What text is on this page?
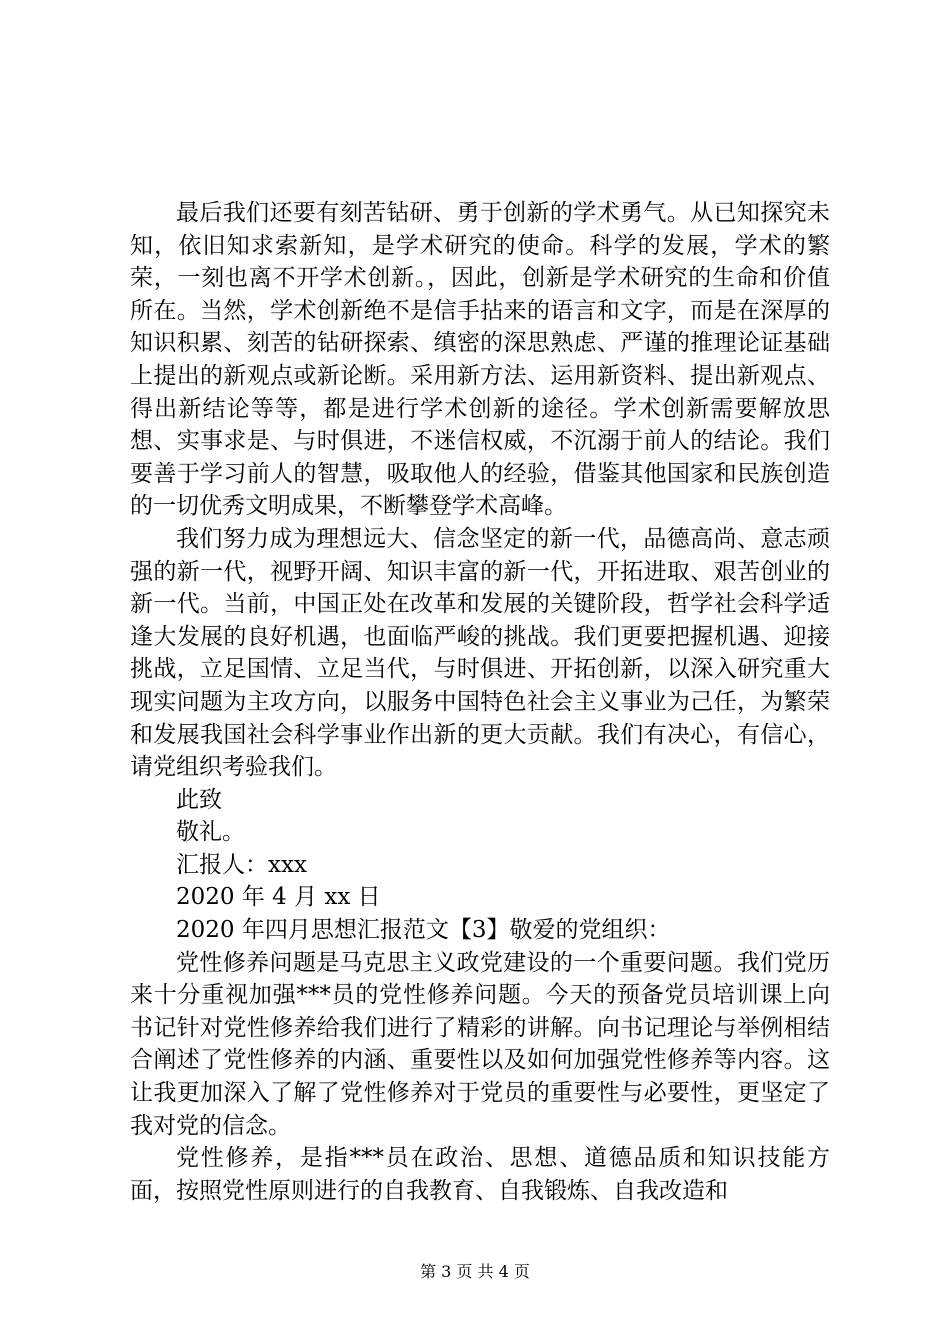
最后我们还要有刻苦钻研、勇于创新的学术勇气。从已知探究未知，依旧知求索新知，是学术研究的使命。科学的发展，学术的繁荣，一刻也离不开学术创新。，因此，创新是学术研究的生命和价值所在。当然，学术创新绝不是信手拈来的语言和文字，而是在深厚的知识积累、刻苦的钻研探索、缜密的深思熟虑、严谨的推理论证基础上提出的新观点或新论断。采用新方法、运用新资料、提出新观点、得出新结论等等，都是进行学术创新的途径。学术创新需要解放思想、实事求是、与时俱进，不迷信权威，不沉溺于前人的结论。我们要善于学习前人的智慧，吸取他人的经验，借鉴其他国家和民族创造的一切优秀文明成果，不断攀登学术高峰。

我们努力成为理想远大、信念坚定的新一代，品德高尚、意志顽强的新一代，视野开阔、知识丰富的新一代，开拓进取、艰苦创业的新一代。当前，中国正处在改革和发展的关键阶段，哲学社会科学适逢大发展的良好机遇，也面临严峻的挑战。我们更要把握机遇、迎接挑战，立足国情、立足当代，与时俱进、开拓创新，以深入研究重大现实问题为主攻方向，以服务中国特色社会主义事业为己任，为繁荣和发展我国社会科学事业作出新的更大贡献。我们有决心，有信心，请党组织考验我们。

此致

敬礼。

汇报人：xxx

2020 年 4 月 xx 日

2020 年四月思想汇报范文【3】敬爱的党组织：

党性修养问题是马克思主义政党建设的一个重要问题。我们党历来十分重视加强***员的党性修养问题。今天的预备党员培训课上向书记针对党性修养给我们进行了精彩的讲解。向书记理论与举例相结合阐述了党性修养的内涵、重要性以及如何加强党性修养等内容。这让我更加深入了解了党性修养对于党员的重要性与必要性，更坚定了我对党的信念。

党性修养，是指***员在政治、思想、道德品质和知识技能方面，按照党性原则进行的自我教育、自我锻炼、自我改造和

第 3 页 共 4 页
